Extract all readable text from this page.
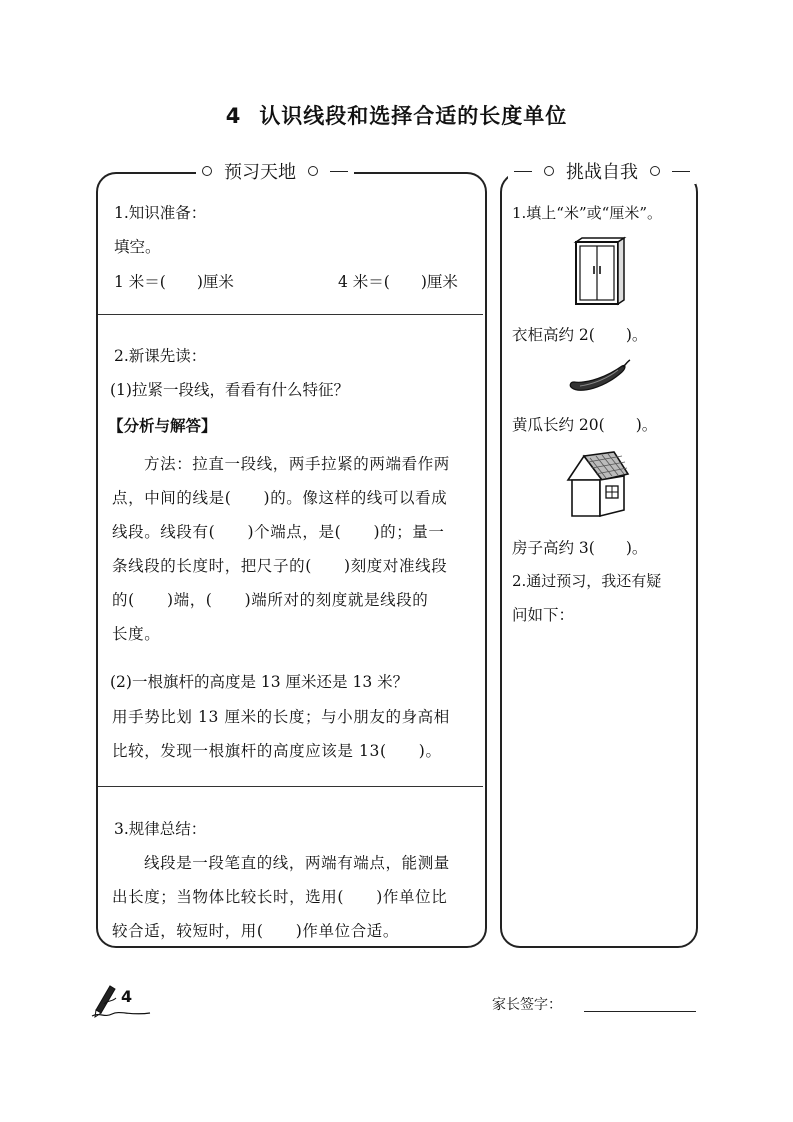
4 认识线段和选择合适的长度单位
预习天地
1.知识准备：
填空。
1 米＝(　　)厘米	4 米＝(　　)厘米
2.新课先读：
(1)拉紧一段线，看看有什么特征？
【分析与解答】
方法：拉直一段线，两手拉紧的两端看作两
点，中间的线是(　　)的。像这样的线可以看成
线段。线段有(　　)个端点，是(　　)的；量一
条线段的长度时，把尺子的(　　)刻度对准线段
的(　　)端，(　　)端所对的刻度就是线段的
长度。
(2)一根旗杆的高度是 13 厘米还是 13 米？
用手势比划 13 厘米的长度；与小朋友的身高相
比较，发现一根旗杆的高度应该是 13(　　)。
3.规律总结：
线段是一段笔直的线，两端有端点，能测量
出长度；当物体比较长时，选用(　　)作单位比
较合适，较短时，用(　　)作单位合适。
挑战自我
1.填上“米”或“厘米”。
衣柜高约 2(　　)。
黄瓜长约 20(　　)。
房子高约 3(　　)。
2.通过预习，我还有疑
问如下：
4	家长签字：
